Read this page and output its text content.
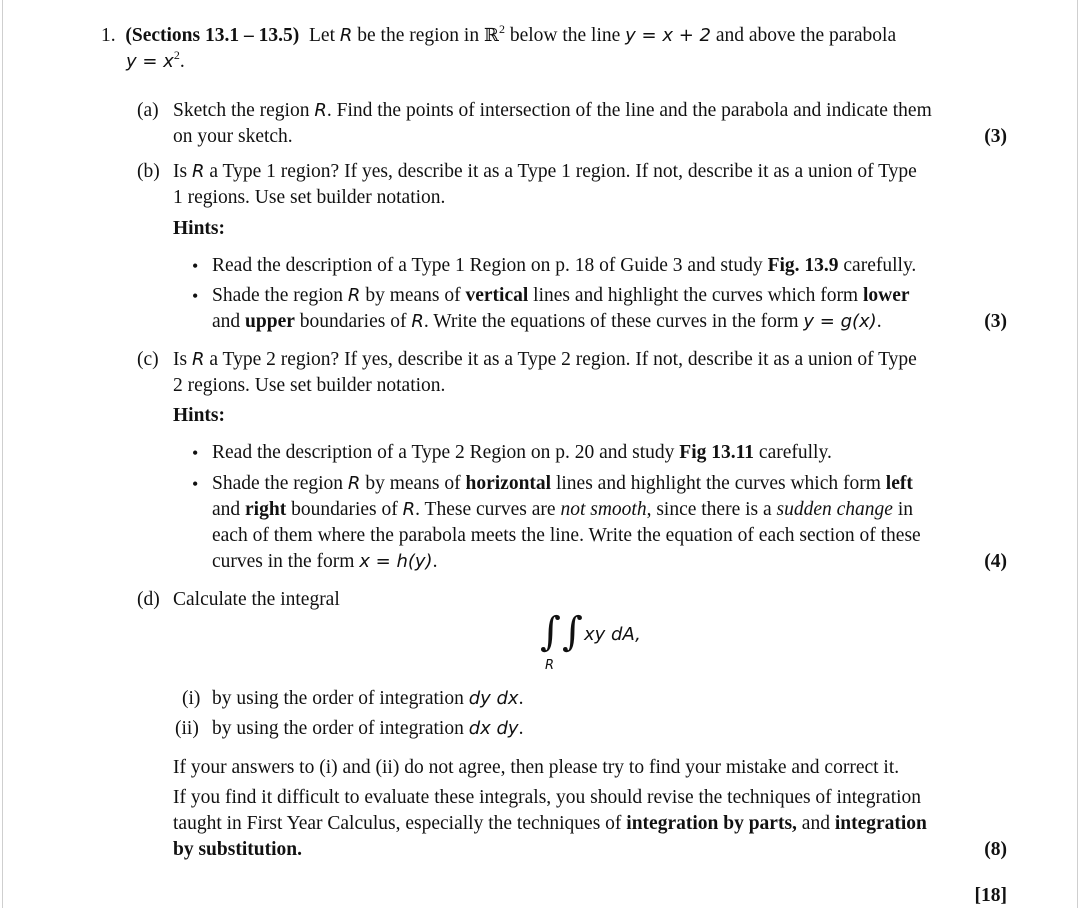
1. (Sections 13.1 – 13.5) Let R be the region in ℝ$^2$ below the line y = x + 2 and above the parabola
$y = x^2$.
(a) Sketch the region R. Find the points of intersection of the line and the parabola and indicate them
on your sketch.	(3)
(b) Is R a Type 1 region? If yes, describe it as a Type 1 region. If not, describe it as a union of Type
1 regions. Use set builder notation.
Hints:
• Read the description of a Type 1 Region on p. 18 of Guide 3 and study Fig. 13.9 carefully.
• Shade the region R by means of vertical lines and highlight the curves which form lower
and upper boundaries of R. Write the equations of these curves in the form y = g(x).	(3)
(c) Is R a Type 2 region? If yes, describe it as a Type 2 region. If not, describe it as a union of Type
2 regions. Use set builder notation.
Hints:
• Read the description of a Type 2 Region on p. 20 and study Fig 13.11 carefully.
• Shade the region R by means of horizontal lines and highlight the curves which form left
and right boundaries of R. These curves are not smooth, since there is a sudden change in
each of them where the parabola meets the line. Write the equation of each section of these
curves in the form x = h(y).	(4)
(d) Calculate the integral
∫ ∫ xy dA,
R
(i) by using the order of integration dy dx.
(ii) by using the order of integration dx dy.
If your answers to (i) and (ii) do not agree, then please try to find your mistake and correct it.
If you find it difficult to evaluate these integrals, you should revise the techniques of integration
taught in First Year Calculus, especially the techniques of integration by parts, and integration
by substitution.	(8)
[18]
